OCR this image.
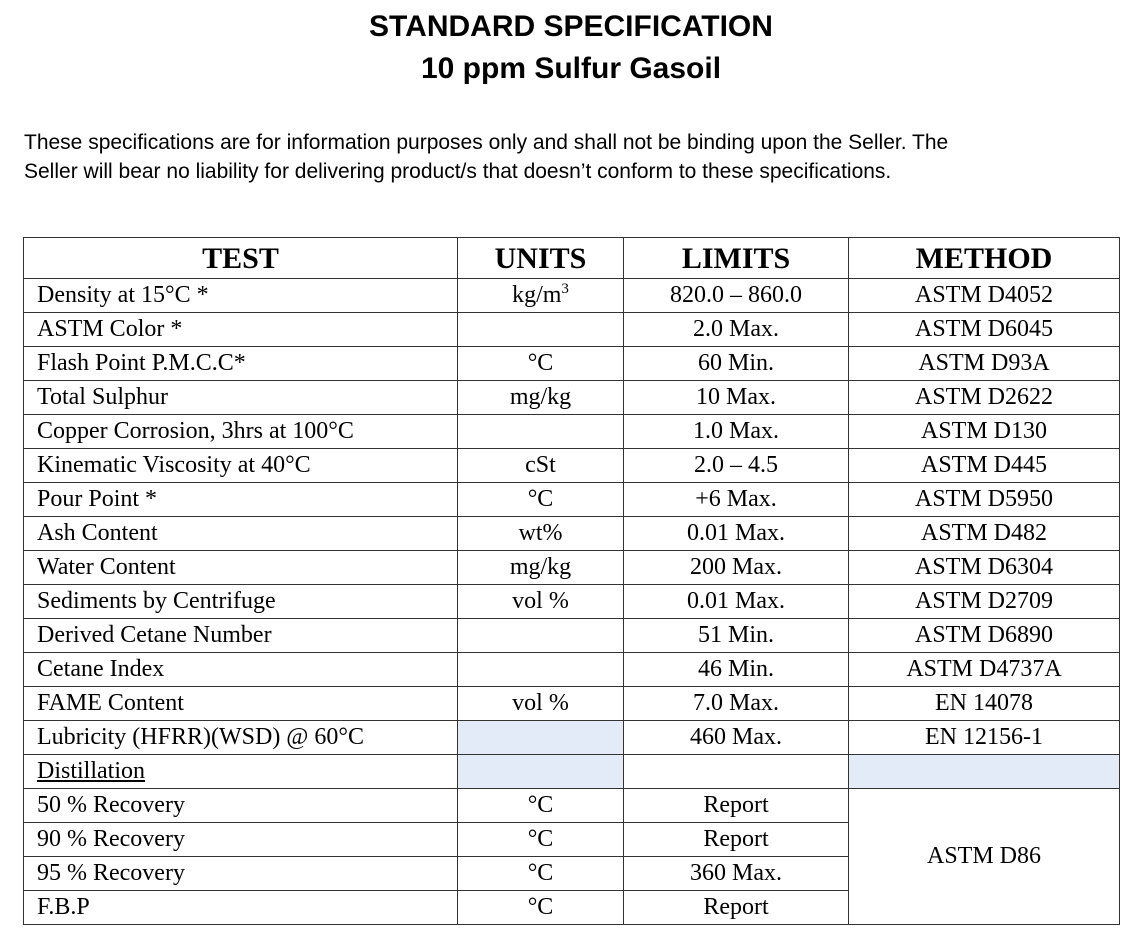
STANDARD SPECIFICATION
10 ppm Sulfur Gasoil
These specifications are for information purposes only and shall not be binding upon the Seller. The
Seller will bear no liability for delivering product/s that doesn’t conform to these specifications.
TEST	UNITS	LIMITS	METHOD
Density at 15°C *	$kg/m^3$	820.0 – 860.0	ASTM D4052
ASTM Color *		2.0 Max.	ASTM D6045
Flash Point P.M.C.C*	°C	60 Min.	ASTM D93A
Total Sulphur	mg/kg	10 Max.	ASTM D2622
Copper Corrosion, 3hrs at 100°C		1.0 Max.	ASTM D130
Kinematic Viscosity at 40°C	cSt	2.0 – 4.5	ASTM D445
Pour Point *	°C	+6 Max.	ASTM D5950
Ash Content	wt%	0.01 Max.	ASTM D482
Water Content	mg/kg	200 Max.	ASTM D6304
Sediments by Centrifuge	vol %	0.01 Max.	ASTM D2709
Derived Cetane Number		51 Min.	ASTM D6890
Cetane Index		46 Min.	ASTM D4737A
FAME Content	vol %	7.0 Max.	EN 14078
Lubricity (HFRR)(WSD) @ 60°C		460 Max.	EN 12156-1
Distillation			
50 % Recovery	°C	Report	ASTM D86
90 % Recovery	°C	Report	
95 % Recovery	°C	360 Max.	
F.B.P	°C	Report	
